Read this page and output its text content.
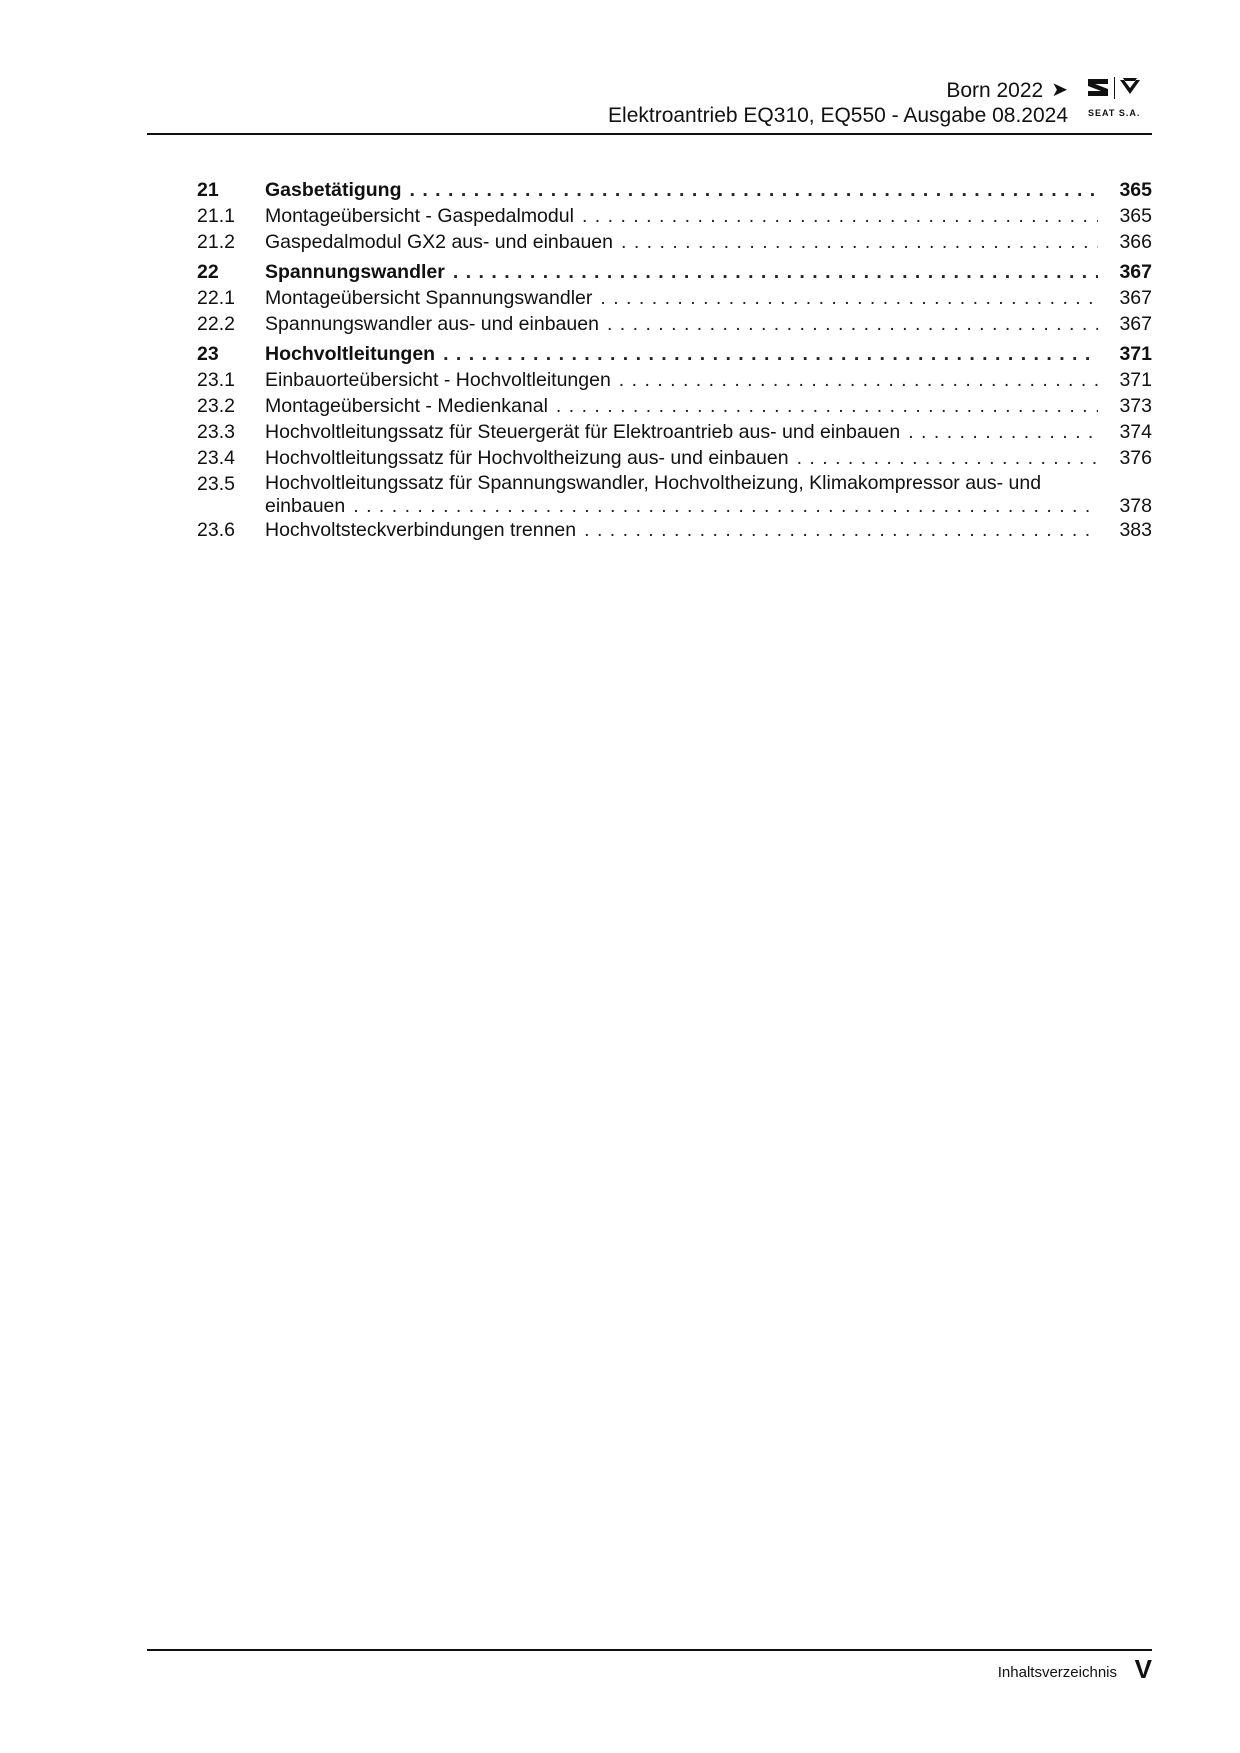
Born 2022 ➤
Elektroantrieb EQ310, EQ550 - Ausgabe 08.2024 SEAT S.A.
21	Gasbetätigung . . .	365
21.1	Montageübersicht - Gaspedalmodul . . .	365
21.2	Gaspedalmodul GX2 aus- und einbauen . . .	366
22	Spannungswandler . . .	367
22.1	Montageübersicht Spannungswandler . . .	367
22.2	Spannungswandler aus- und einbauen . . .	367
23	Hochvoltleitungen . . .	371
23.1	Einbauorteübersicht - Hochvoltleitungen . . .	371
23.2	Montageübersicht - Medienkanal . . .	373
23.3	Hochvoltleitungssatz für Steuergerät für Elektroantrieb aus- und einbauen . . .	374
23.4	Hochvoltleitungssatz für Hochvoltheizung aus- und einbauen . . .	376
23.5	Hochvoltleitungssatz für Spannungswandler, Hochvoltheizung, Klimakompressor aus- und
einbauen . . .	378
23.6	Hochvoltsteckverbindungen trennen . . .	383
Inhaltsverzeichnis V
